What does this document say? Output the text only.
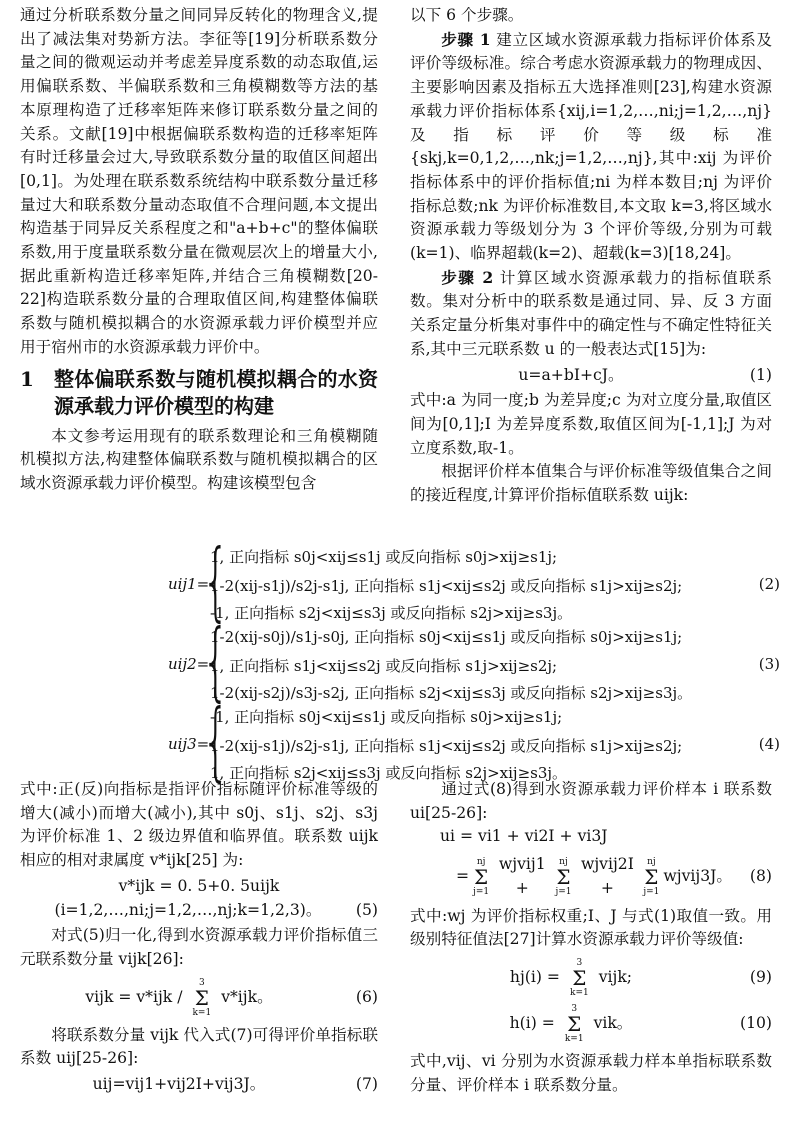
通过分析联系数分量之间同异反转化的物理含义,提出了减法集对势新方法。李征等[19]分析联系数分量之间的微观运动并考虑差异度系数的动态取值,运用偏联系数、半偏联系数和三角模糊数等方法的基本原理构造了迁移率矩阵来修订联系数分量之间的关系。文献[19]中根据偏联系数构造的迁移率矩阵有时迁移量会过大,导致联系数分量的取值区间超出[0,1]。为处理在联系数系统结构中联系数分量迁移量过大和联系数分量动态取值不合理问题,本文提出构造基于同异反关系程度之和"a+b+c"的整体偏联系数,用于度量联系数分量在微观层次上的增量大小,据此重新构造迁移率矩阵,并结合三角模糊数[20-22]构造联系数分量的合理取值区间,构建整体偏联系数与随机模拟耦合的水资源承载力评价模型并应用于宿州市的水资源承载力评价中。

1	整体偏联系数与随机模拟耦合的水资源承载力评价模型的构建

本文参考运用现有的联系数理论和三角模糊随机模拟方法,构建整体偏联系数与随机模拟耦合的区域水资源承载力评价模型。构建该模型包含

以下 6 个步骤。

步骤 1 建立区域水资源承载力指标评价体系及评价等级标准。综合考虑水资源承载力的物理成因、主要影响因素及指标五大选择准则[23],构建水资源承载力评价指标体系{xij,i=1,2,…,ni;j=1,2,…,nj}及指标评价等级标准{skj,k=0,1,2,…,nk;j=1,2,…,nj},其中:xij 为评价指标体系中的评价指标值;ni 为样本数目;nj 为评价指标总数;nk 为评价标准数目,本文取 k=3,将区域水资源承载力等级划分为 3 个评价等级,分别为可载(k=1)、临界超载(k=2)、超载(k=3)[18,24]。

步骤 2 计算区域水资源承载力的指标值联系数。集对分析中的联系数是通过同、异、反 3 方面关系定量分析集对事件中的确定性与不确定性特征关系,其中三元联系数 u 的一般表达式[15]为:

u=a+bI+cJ。	(1)

式中:a 为同一度;b 为差异度;c 为对立度分量,取值区间为[0,1];I 为差异度系数,取值区间为[-1,1];J 为对立度系数,取-1。

根据评价样本值集合与评价标准等级值集合之间的接近程度,计算评价指标值联系数 uijk:

uij1=
{
1, 正向指标 s0j<xij≤s1j 或反向指标 s0j>xij≥s1j;
1-2(xij-s1j)/s2j-s1j, 正向指标 s1j<xij≤s2j 或反向指标 s1j>xij≥s2j;
-1, 正向指标 s2j<xij≤s3j 或反向指标 s2j>xij≥s3j。
(2)
uij2=
{
1-2(xij-s0j)/s1j-s0j, 正向指标 s0j<xij≤s1j 或反向指标 s0j>xij≥s1j;
1, 正向指标 s1j<xij≤s2j 或反向指标 s1j>xij≥s2j;
1-2(xij-s2j)/s3j-s2j, 正向指标 s2j<xij≤s3j 或反向指标 s2j>xij≥s3j。
(3)
uij3=
{
-1, 正向指标 s0j<xij≤s1j 或反向指标 s0j>xij≥s1j;
1-2(xij-s1j)/s2j-s1j, 正向指标 s1j<xij≤s2j 或反向指标 s1j>xij≥s2j;
1, 正向指标 s2j<xij≤s3j 或反向指标 s2j>xij≥s3j。
(4)

式中:正(反)向指标是指评价指标随评价标准等级的增大(减小)而增大(减小),其中 s0j、s1j、s2j、s3j 为评价标准 1、2 级边界值和临界值。联系数 uijk 相应的相对隶属度 v*ijk[25] 为:

v*ijk = 0. 5+0. 5uijk
(i=1,2,…,ni;j=1,2,…,nj;k=1,2,3)。	(5)

对式(5)归一化,得到水资源承载力评价指标值三元联系数分量 vijk[26]:

vijk = v*ijk /
3
Σ
k=1
v*ijk。	(6)

将联系数分量 vijk 代入式(7)可得评价单指标联系数 uij[25-26]:

uij=vij1+vij2I+vij3J。	(7)

通过式(8)得到水资源承载力评价样本 i 联系数 ui[25-26]:

ui = vi1 + vi2I + vi3J
=
nj
Σ
j=1
wjvij1 +
nj
Σ
j=1
wjvij2I +
nj
Σ
j=1
wjvij3J。	(8)

式中:wj 为评价指标权重;I、J 与式(1)取值一致。用级别特征值法[27]计算水资源承载力评价等级值:

hj(i) =
3
Σ
k=1
vijk;	(9)
h(i) =
3
Σ
k=1
vik。	(10)

式中,vij、vi 分别为水资源承载力样本单指标联系数分量、评价样本 i 联系数分量。
